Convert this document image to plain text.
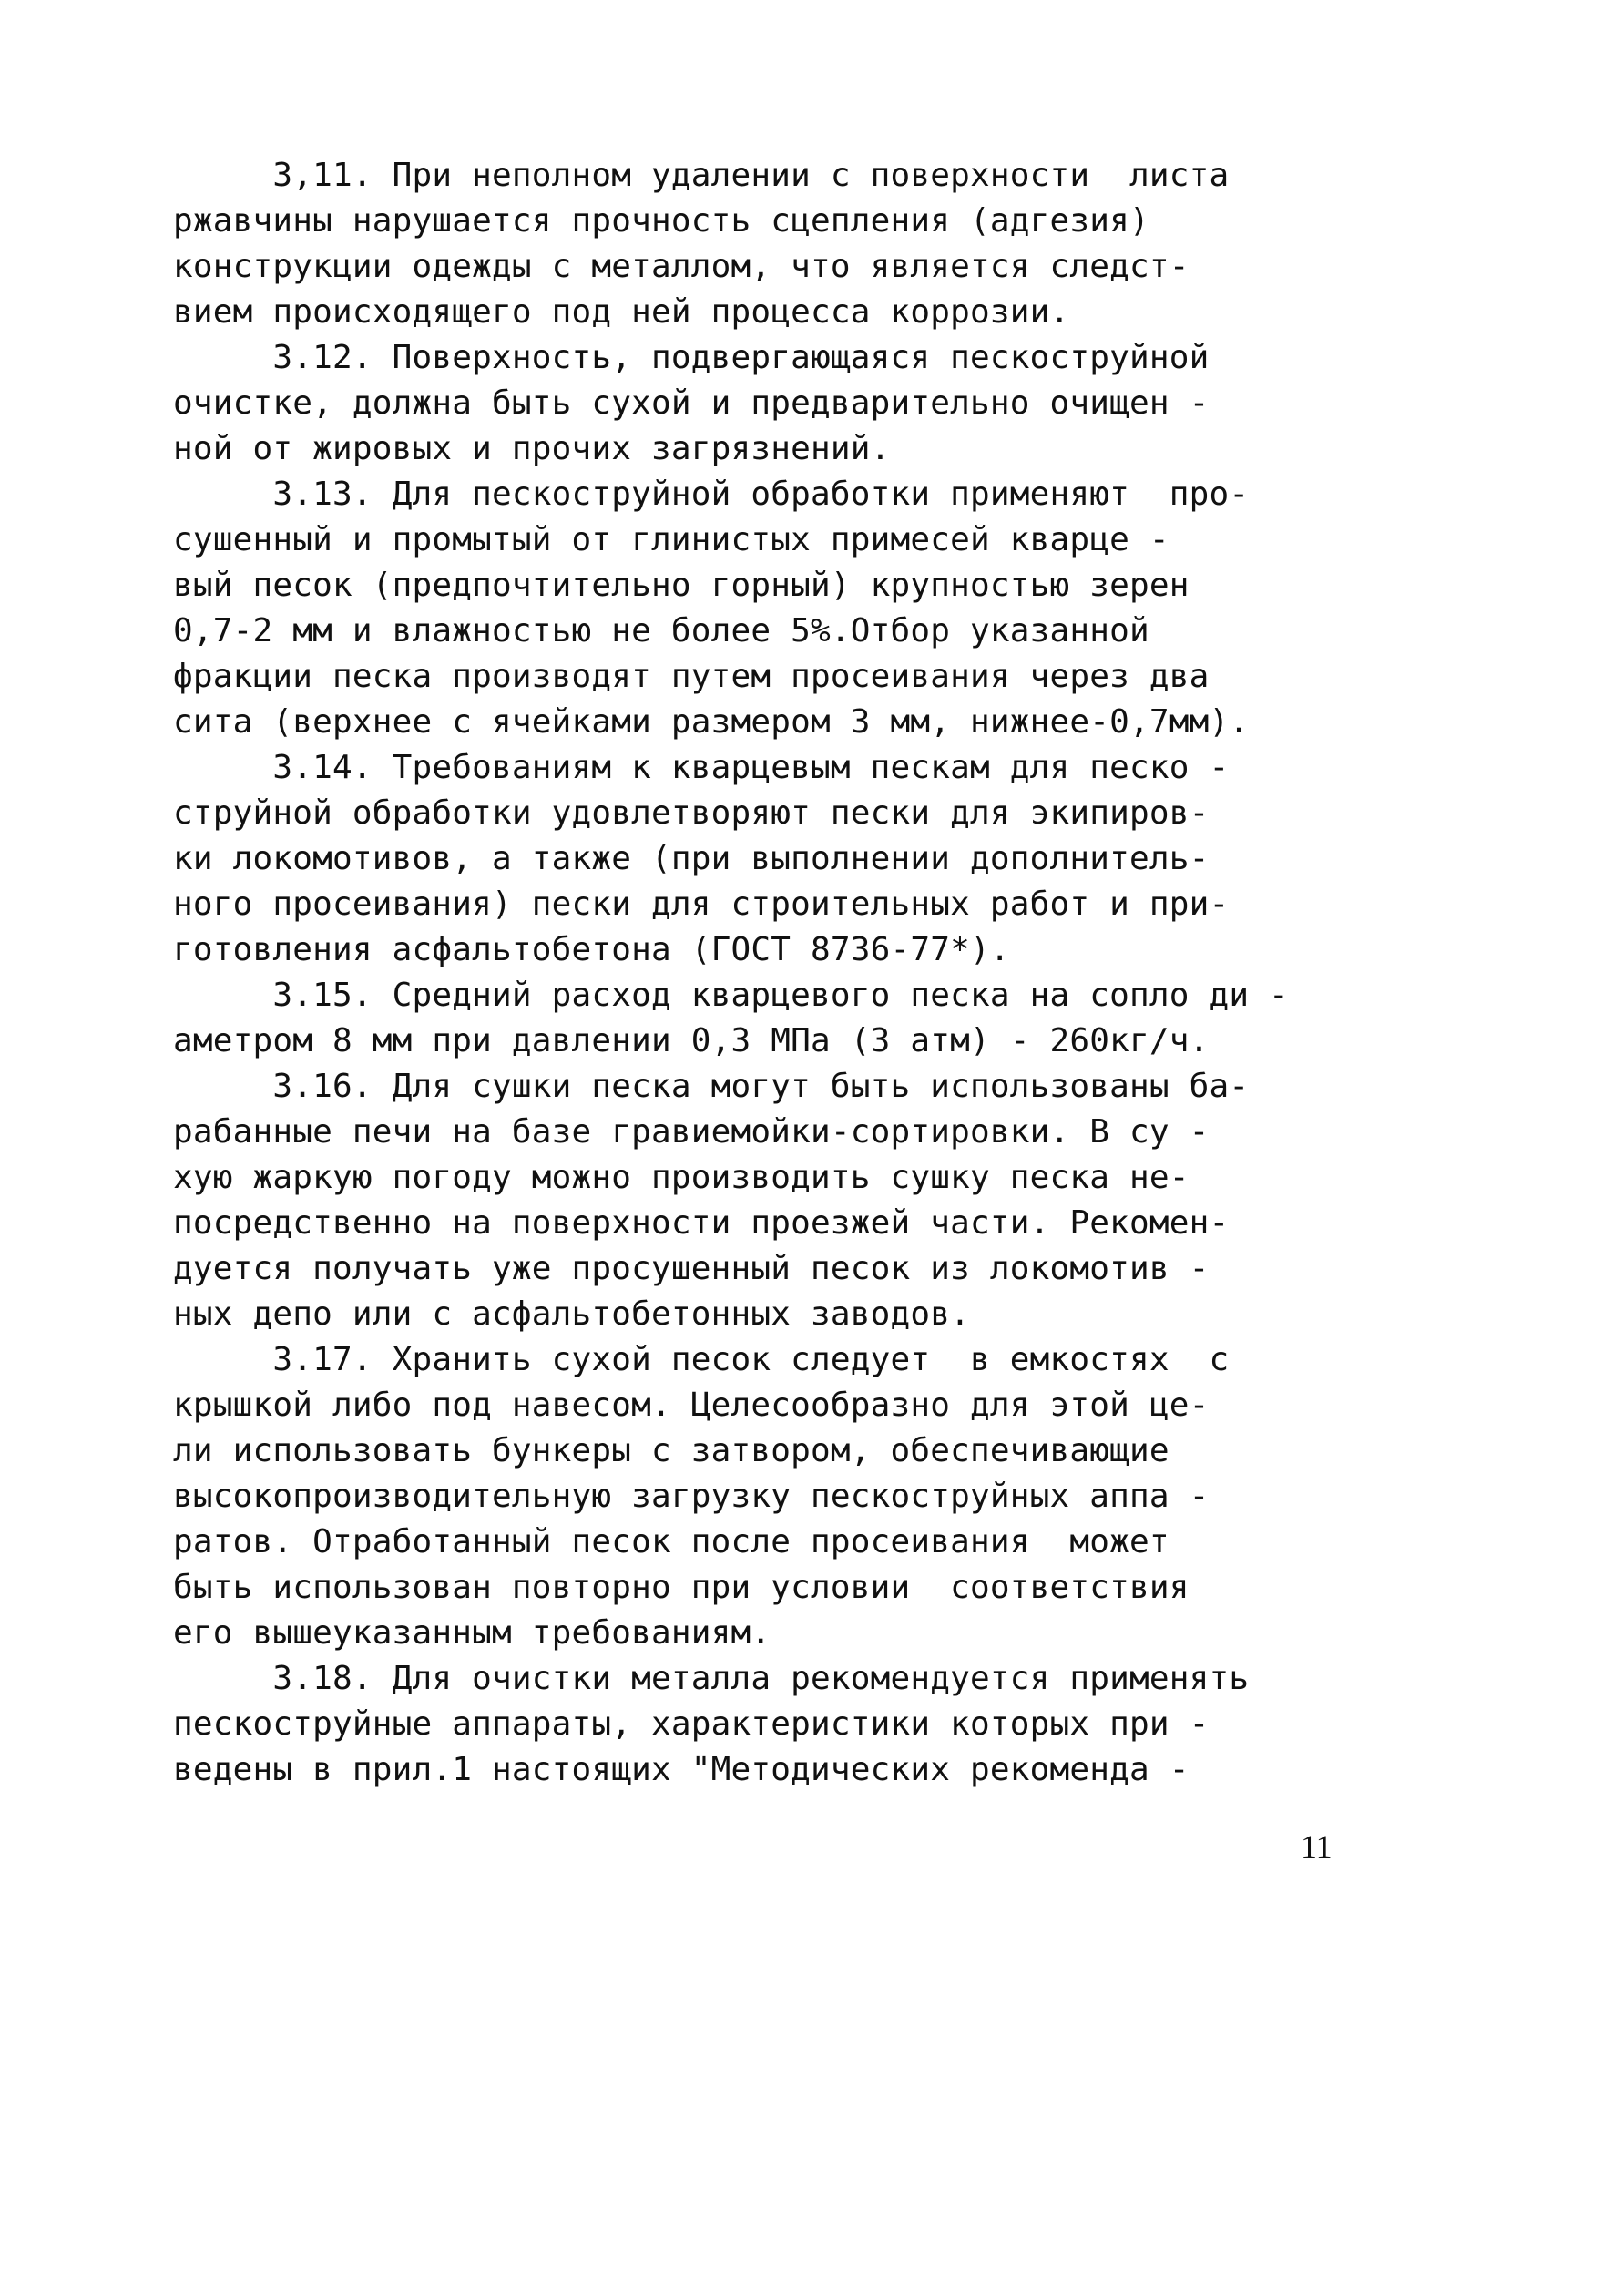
3,11. При неполном удалении с поверхности  листа
ржавчины нарушается прочность сцепления (адгезия)
конструкции одежды с металлом, что является следст-
вием происходящего под ней процесса коррозии.
3.12. Поверхность, подвергающаяся пескоструйной
очистке, должна быть сухой и предварительно очищен -
ной от жировых и прочих загрязнений.
3.13. Для пескоструйной обработки применяют  про-
сушенный и промытый от глинистых примесей кварце -
вый песок (предпочтительно горный) крупностью зерен
0,7-2 мм и влажностью не более 5%.Отбор указанной
фракции песка производят путем просеивания через два
сита (верхнее с ячейками размером 3 мм, нижнее-0,7мм).
3.14. Требованиям к кварцевым пескам для песко -
струйной обработки удовлетворяют пески для экипиров-
ки локомотивов, а также (при выполнении дополнитель-
ного просеивания) пески для строительных работ и при-
готовления асфальтобетона (ГОСТ 8736-77*).
3.15. Средний расход кварцевого песка на сопло ди -
аметром 8 мм при давлении 0,3 МПа (3 атм) - 260кг/ч.
3.16. Для сушки песка могут быть использованы ба-
рабанные печи на базе гравиемойки-сортировки. В су -
хую жаркую погоду можно производить сушку песка не-
посредственно на поверхности проезжей части. Рекомен-
дуется получать уже просушенный песок из локомотив -
ных депо или с асфальтобетонных заводов.
3.17. Хранить сухой песок следует  в емкостях  с
крышкой либо под навесом. Целесообразно для этой це-
ли использовать бункеры с затвором, обеспечивающие
высокопроизводительную загрузку пескоструйных аппа -
ратов. Отработанный песок после просеивания  может
быть использован повторно при условии  соответствия
его вышеуказанным требованиям.
3.18. Для очистки металла рекомендуется применять
пескоструйные аппараты, характеристики которых при -
ведены в прил.1 настоящих "Методических рекоменда -
11
